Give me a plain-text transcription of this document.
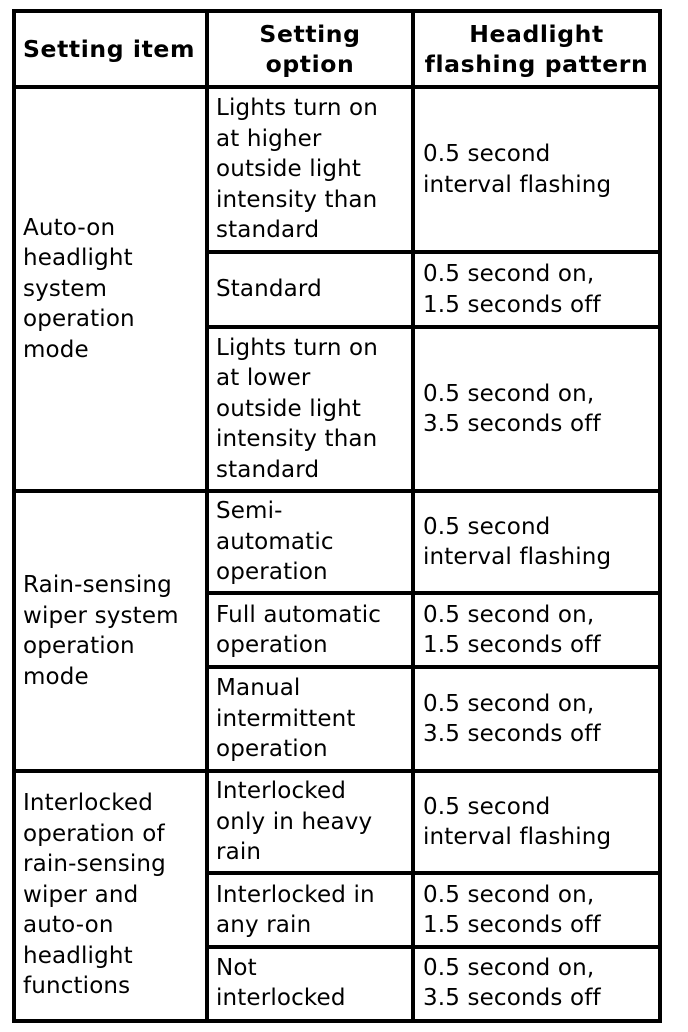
Setting item
Setting
option
Headlight
flashing pattern
Auto-on
headlight
system
operation
mode
Lights turn on
at higher
outside light
intensity than
standard
0.5 second
interval flashing
Standard
0.5 second on,
1.5 seconds off
Lights turn on
at lower
outside light
intensity than
standard
0.5 second on,
3.5 seconds off
Rain-sensing
wiper system
operation
mode
Semi-
automatic
operation
0.5 second
interval flashing
Full automatic
operation
0.5 second on,
1.5 seconds off
Manual
intermittent
operation
0.5 second on,
3.5 seconds off
Interlocked
operation of
rain-sensing
wiper and
auto-on
headlight
functions
Interlocked
only in heavy
rain
0.5 second
interval flashing
Interlocked in
any rain
0.5 second on,
1.5 seconds off
Not
interlocked
0.5 second on,
3.5 seconds off
